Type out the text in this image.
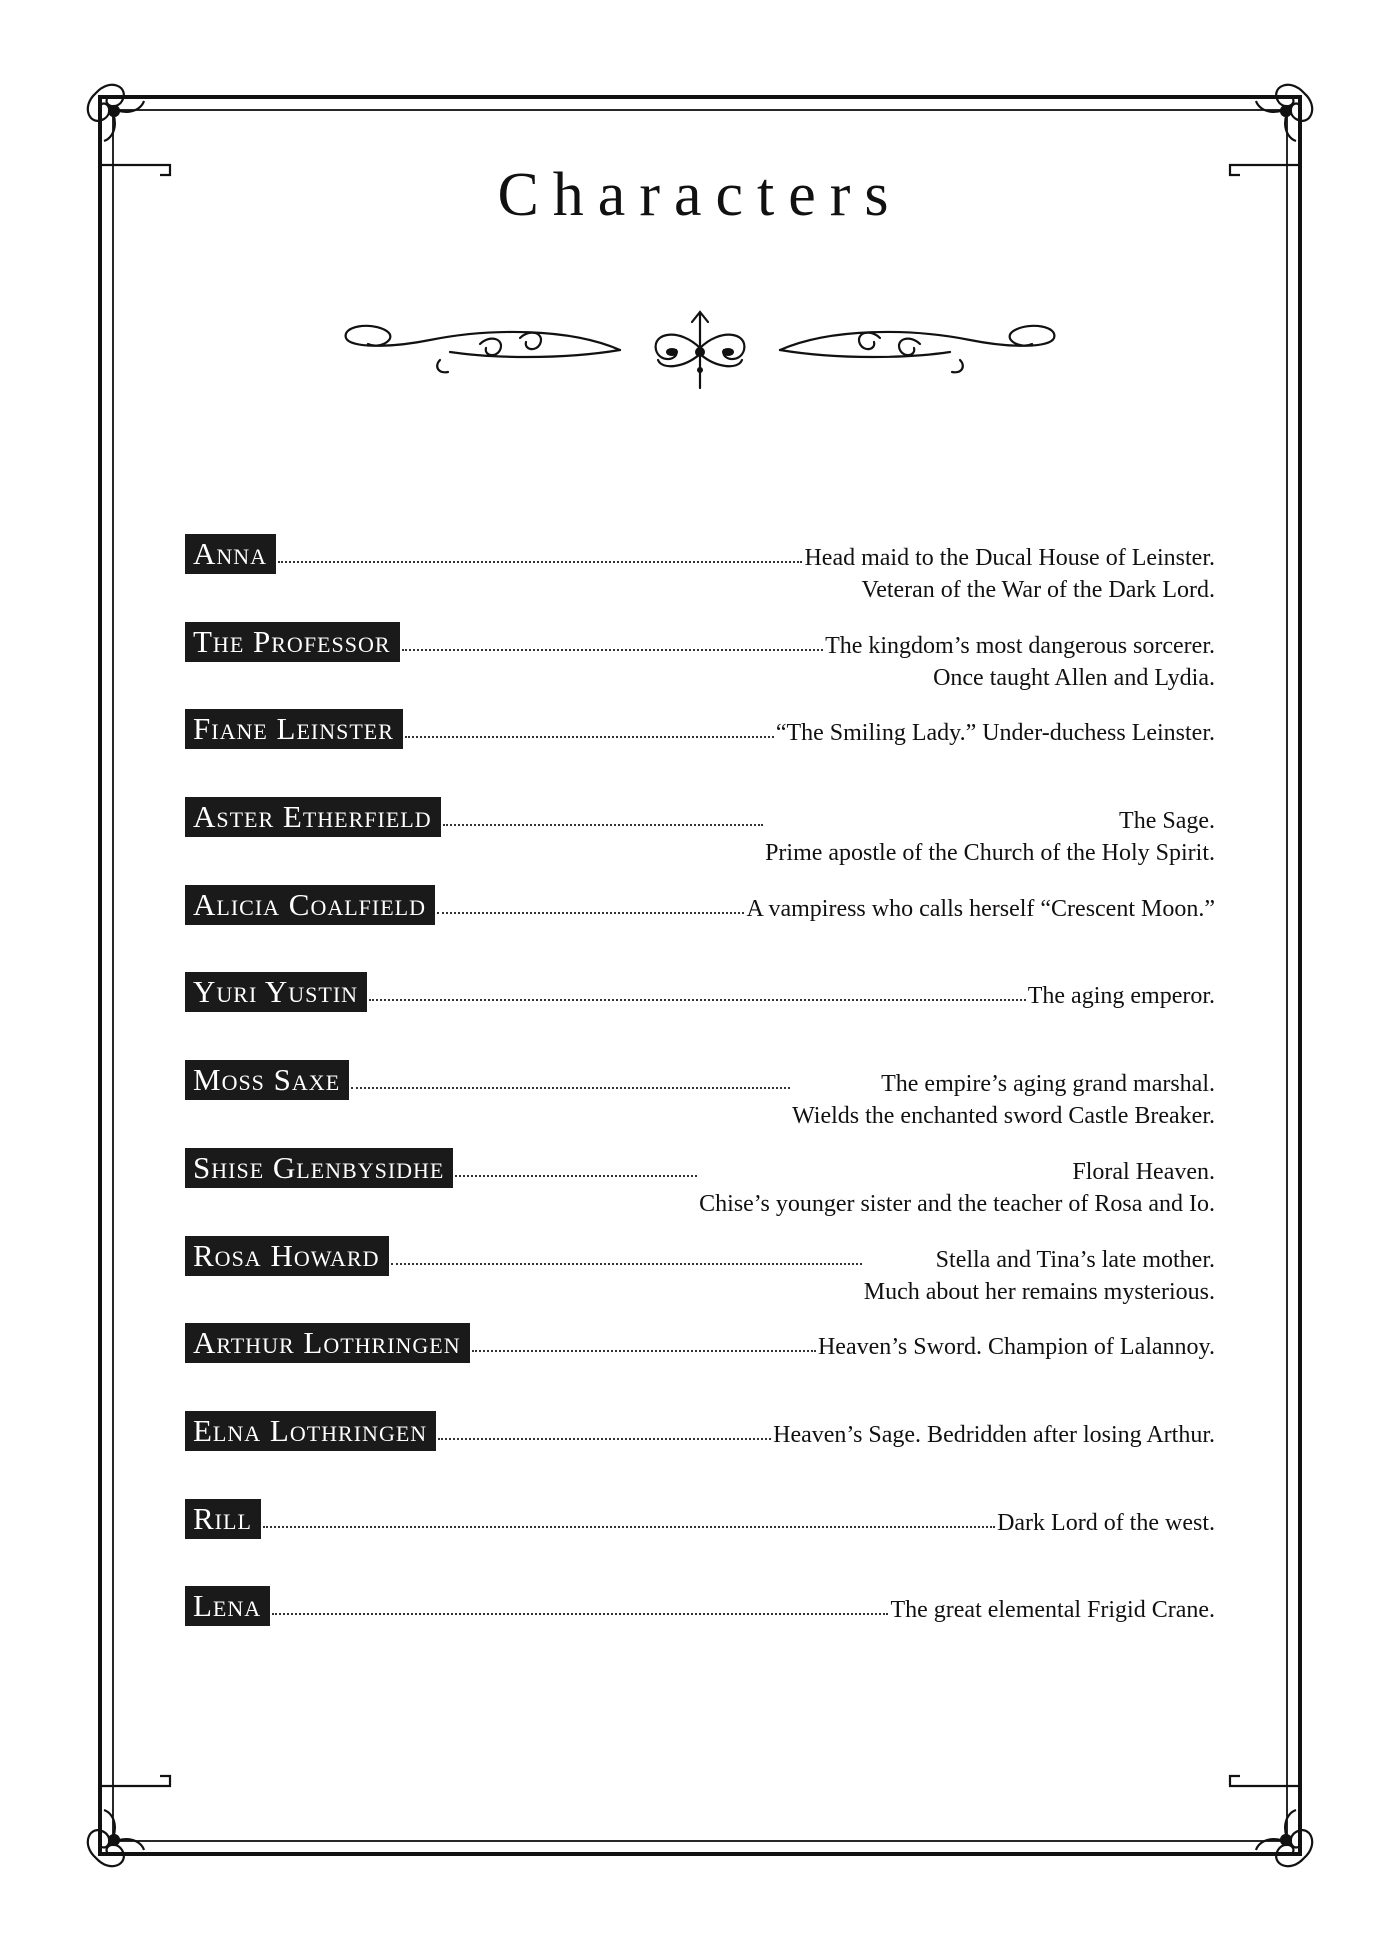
Characters
Anna	Head maid to the Ducal House of Leinster.
Veteran of the War of the Dark Lord.
The Professor	The kingdom’s most dangerous sorcerer.
Once taught Allen and Lydia.
Fiane Leinster	“The Smiling Lady.” Under-duchess Leinster.
Aster Etherfield	The Sage.
Prime apostle of the Church of the Holy Spirit.
Alicia Coalfield	A vampiress who calls herself “Crescent Moon.”
Yuri Yustin	The aging emperor.
Moss Saxe	The empire’s aging grand marshal.
Wields the enchanted sword Castle Breaker.
Shise Glenbysidhe	Floral Heaven.
Chise’s younger sister and the teacher of Rosa and Io.
Rosa Howard	Stella and Tina’s late mother.
Much about her remains mysterious.
Arthur Lothringen	Heaven’s Sword. Champion of Lalannoy.
Elna Lothringen	Heaven’s Sage. Bedridden after losing Arthur.
Rill	Dark Lord of the west.
Lena	The great elemental Frigid Crane.
